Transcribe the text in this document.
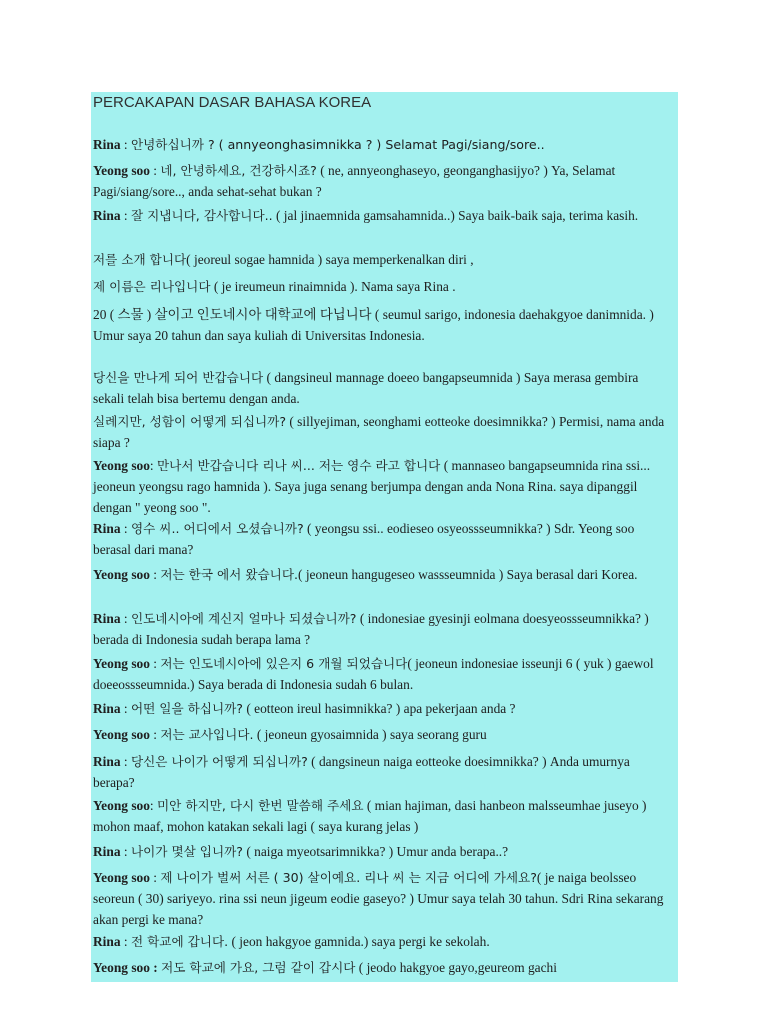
PERCAKAPAN DASAR BAHASA KOREA
Rina : 안녕하십니까 ? ( annyeonghasimnikka ? ) Selamat Pagi/siang/sore..
Yeong soo : 네, 안녕하세요, 건강하시죠? ( ne, annyeonghaseyo, geonganghasijyo? ) Ya, Selamat Pagi/siang/sore.., anda sehat-sehat bukan ?
Rina : 잘 지냅니다, 감사합니다.. ( jal jinaemnida gamsahamnida..) Saya baik-baik saja, terima kasih.
저를 소개 합니다( jeoreul sogae hamnida ) saya memperkenalkan diri ,
제 이름은 리나입니다 ( je ireumeun rinaimnida ). Nama saya Rina .
20 ( 스물 ) 살이고 인도네시아 대학교에 다닙니다 ( seumul sarigo, indonesia daehakgyoe danimnida. ) Umur saya 20 tahun dan saya kuliah di Universitas Indonesia.
당신을 만나게 되어 반갑습니다 ( dangsineul mannage doeeo bangapseumnida ) Saya merasa gembira sekali telah bisa bertemu dengan anda.
실례지만, 성함이 어떻게 되십니까? ( sillyejiman, seonghami eotteoke doesimnikka? ) Permisi, nama anda siapa ?
Yeong soo: 만나서 반갑습니다 리나 씨... 저는 영수 라고 합니다 ( mannaseo bangapseumnida rina ssi... jeoneun yeongsu rago hamnida ). Saya juga senang berjumpa dengan anda Nona Rina. saya dipanggil dengan " yeong soo ".
Rina : 영수 씨.. 어디에서 오셨습니까? ( yeongsu ssi.. eodieseo osyeossseumnikka? ) Sdr. Yeong soo berasal dari mana?
Yeong soo : 저는 한국 에서 왔습니다.( jeoneun hangugeseo wassseumnida ) Saya berasal dari Korea.
Rina : 인도네시아에 계신지 얼마나 되셨습니까? ( indonesiae gyesinji eolmana doesyeossseumnikka? ) berada di Indonesia sudah berapa lama ?
Yeong soo : 저는 인도네시아에 있은지 6 개월 되었습니다( jeoneun indonesiae isseunji 6 ( yuk ) gaewol doeeossseumnida.) Saya berada di Indonesia sudah 6 bulan.
Rina : 어떤 일을 하십니까? ( eotteon ireul hasimnikka? ) apa pekerjaan anda ?
Yeong soo : 저는 교사입니다. ( jeoneun gyosaimnida ) saya seorang guru
Rina : 당신은 나이가 어떻게 되십니까? ( dangsineun naiga eotteoke doesimnikka? ) Anda umurnya berapa?
Yeong soo: 미안 하지만, 다시 한번 말씀해 주세요 ( mian hajiman, dasi hanbeon malsseumhae juseyo ) mohon maaf, mohon katakan sekali lagi ( saya kurang jelas )
Rina : 나이가 몇살 입니까? ( naiga myeotsarimnikka? ) Umur anda berapa..?
Yeong soo : 제 나이가 벌써 서른 ( 30) 살이예요. 리나 씨 는 지금 어디에 가세요?( je naiga beolsseo seoreun ( 30) sariyeyo. rina ssi neun jigeum eodie gaseyo? ) Umur saya telah 30 tahun. Sdri Rina sekarang akan pergi ke mana?
Rina : 전 학교에 갑니다. ( jeon hakgyoe gamnida.) saya pergi ke sekolah.
Yeong soo : 저도 학교에 가요, 그럼 같이 갑시다 ( jeodo hakgyoe gayo,geureom gachi
